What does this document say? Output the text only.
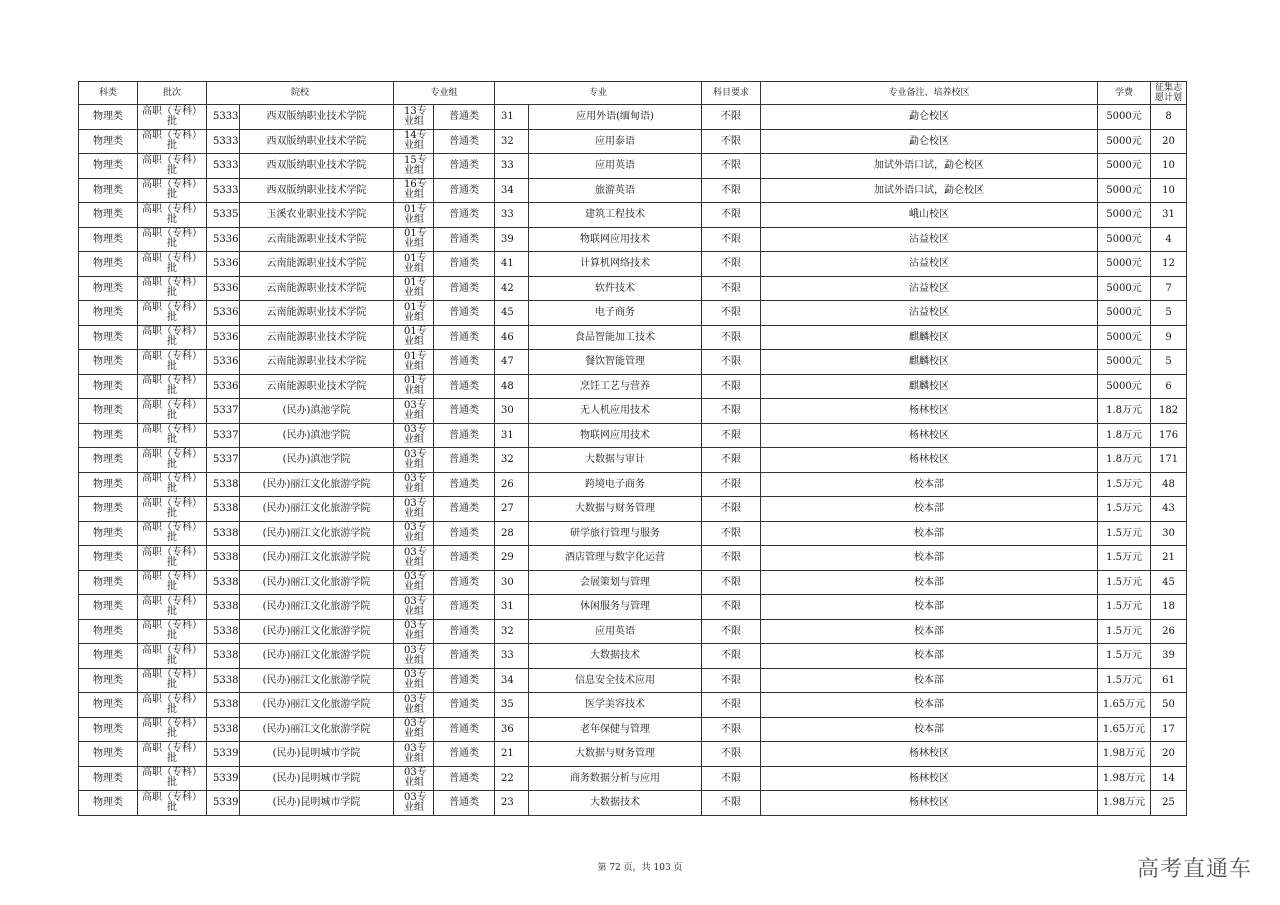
科类	批次	院校		专业组		专业		科目要求	专业备注、培养校区	学费	征集志愿计划
物理类	高职（专科）批	5333	西双版纳职业技术学院	13专业组	普通类	31	应用外语(缅甸语)	不限	勐仑校区	5000元	8
物理类	高职（专科）批	5333	西双版纳职业技术学院	14专业组	普通类	32	应用泰语	不限	勐仑校区	5000元	20
物理类	高职（专科）批	5333	西双版纳职业技术学院	15专业组	普通类	33	应用英语	不限	加试外语口试，勐仑校区	5000元	10
物理类	高职（专科）批	5333	西双版纳职业技术学院	16专业组	普通类	34	旅游英语	不限	加试外语口试，勐仑校区	5000元	10
物理类	高职（专科）批	5335	玉溪农业职业技术学院	01专业组	普通类	33	建筑工程技术	不限	峨山校区	5000元	31
物理类	高职（专科）批	5336	云南能源职业技术学院	01专业组	普通类	39	物联网应用技术	不限	沾益校区	5000元	4
物理类	高职（专科）批	5336	云南能源职业技术学院	01专业组	普通类	41	计算机网络技术	不限	沾益校区	5000元	12
物理类	高职（专科）批	5336	云南能源职业技术学院	01专业组	普通类	42	软件技术	不限	沾益校区	5000元	7
物理类	高职（专科）批	5336	云南能源职业技术学院	01专业组	普通类	45	电子商务	不限	沾益校区	5000元	5
物理类	高职（专科）批	5336	云南能源职业技术学院	01专业组	普通类	46	食品智能加工技术	不限	麒麟校区	5000元	9
物理类	高职（专科）批	5336	云南能源职业技术学院	01专业组	普通类	47	餐饮智能管理	不限	麒麟校区	5000元	5
物理类	高职（专科）批	5336	云南能源职业技术学院	01专业组	普通类	48	烹饪工艺与营养	不限	麒麟校区	5000元	6
物理类	高职（专科）批	5337	(民办)滇池学院	03专业组	普通类	30	无人机应用技术	不限	杨林校区	1.8万元	182
物理类	高职（专科）批	5337	(民办)滇池学院	03专业组	普通类	31	物联网应用技术	不限	杨林校区	1.8万元	176
物理类	高职（专科）批	5337	(民办)滇池学院	03专业组	普通类	32	大数据与审计	不限	杨林校区	1.8万元	171
物理类	高职（专科）批	5338	(民办)丽江文化旅游学院	03专业组	普通类	26	跨境电子商务	不限	校本部	1.5万元	48
物理类	高职（专科）批	5338	(民办)丽江文化旅游学院	03专业组	普通类	27	大数据与财务管理	不限	校本部	1.5万元	43
物理类	高职（专科）批	5338	(民办)丽江文化旅游学院	03专业组	普通类	28	研学旅行管理与服务	不限	校本部	1.5万元	30
物理类	高职（专科）批	5338	(民办)丽江文化旅游学院	03专业组	普通类	29	酒店管理与数字化运营	不限	校本部	1.5万元	21
物理类	高职（专科）批	5338	(民办)丽江文化旅游学院	03专业组	普通类	30	会展策划与管理	不限	校本部	1.5万元	45
物理类	高职（专科）批	5338	(民办)丽江文化旅游学院	03专业组	普通类	31	休闲服务与管理	不限	校本部	1.5万元	18
物理类	高职（专科）批	5338	(民办)丽江文化旅游学院	03专业组	普通类	32	应用英语	不限	校本部	1.5万元	26
物理类	高职（专科）批	5338	(民办)丽江文化旅游学院	03专业组	普通类	33	大数据技术	不限	校本部	1.5万元	39
物理类	高职（专科）批	5338	(民办)丽江文化旅游学院	03专业组	普通类	34	信息安全技术应用	不限	校本部	1.5万元	61
物理类	高职（专科）批	5338	(民办)丽江文化旅游学院	03专业组	普通类	35	医学美容技术	不限	校本部	1.65万元	50
物理类	高职（专科）批	5338	(民办)丽江文化旅游学院	03专业组	普通类	36	老年保健与管理	不限	校本部	1.65万元	17
物理类	高职（专科）批	5339	(民办)昆明城市学院	03专业组	普通类	21	大数据与财务管理	不限	杨林校区	1.98万元	20
物理类	高职（专科）批	5339	(民办)昆明城市学院	03专业组	普通类	22	商务数据分析与应用	不限	杨林校区	1.98万元	14
物理类	高职（专科）批	5339	(民办)昆明城市学院	03专业组	普通类	23	大数据技术	不限	杨林校区	1.98万元	25
第 72 页，共 103 页	高考直通车
